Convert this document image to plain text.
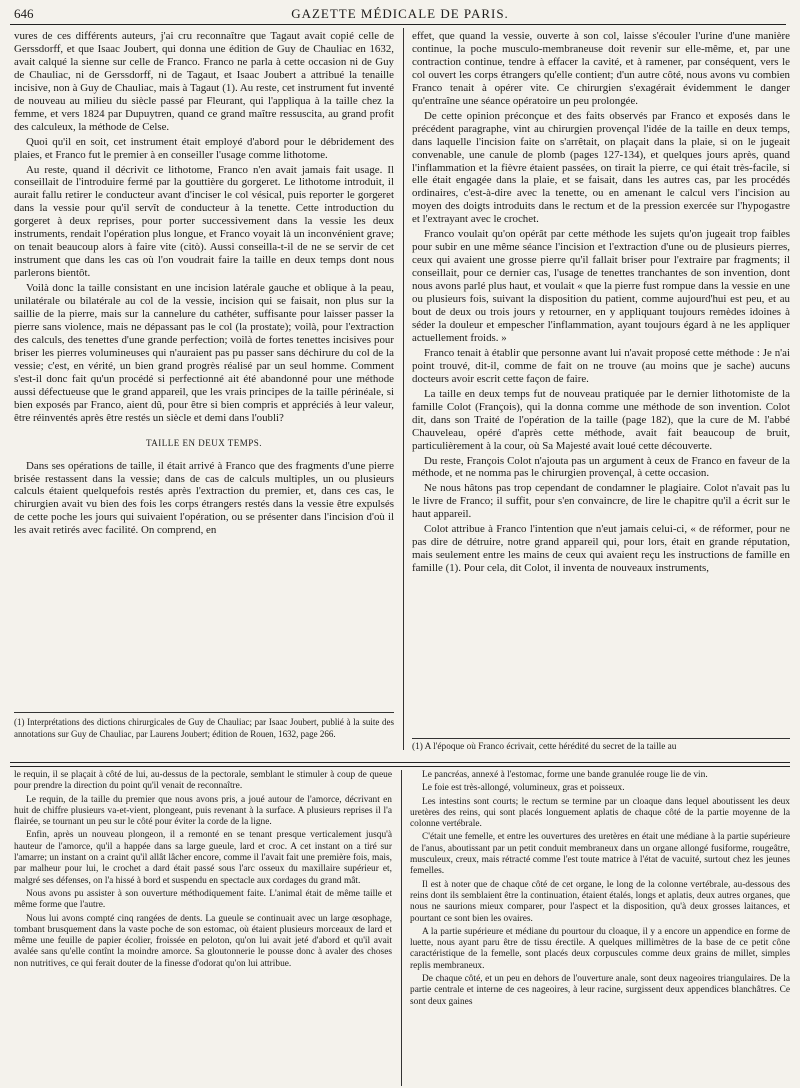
646	GAZETTE MÉDICALE DE PARIS.

vures de ces différents auteurs, j'ai cru reconnaître que Tagaut avait copié celle de Gerssdorff, et que Isaac Joubert, qui donna une édition de Guy de Chauliac en 1632, avait calqué la sienne sur celle de Franco. Franco ne parla à cette occasion ni de Guy de Chauliac, ni de Gerssdorff, ni de Tagaut, et Isaac Joubert a attribué la tenaille incisive, non à Guy de Chauliac, mais à Tagaut (1). Au reste, cet instrument fut inventé de nouveau au milieu du siècle passé par Fleurant, qui l'appliqua à la taille chez la femme, et vers 1824 par Dupuytren, quand ce grand maître ressuscita, au grand profit des calculeux, la méthode de Celse.

Quoi qu'il en soit, cet instrument était employé d'abord pour le débridement des plaies, et Franco fut le premier à en conseiller l'usage comme lithotome.

Au reste, quand il décrivit ce lithotome, Franco n'en avait jamais fait usage. Il conseillait de l'introduire fermé par la gouttière du gorgeret. Le lithotome introduit, il aurait fallu retirer le conducteur avant d'inciser le col vésical, puis reporter le gorgeret dans la vessie pour qu'il servît de conducteur à la tenette. Cette introduction du gorgeret à deux reprises, pour porter successivement dans la vessie les deux instruments, rendait l'opération plus longue, et Franco voyait là un inconvénient grave; on tenait beaucoup alors à faire vite (citò). Aussi conseilla-t-il de ne se servir de cet instrument que dans les cas où l'on voudrait faire la taille en deux temps dont nous parlerons bientôt.

Voilà donc la taille consistant en une incision latérale gauche et oblique à la peau, unilatérale ou bilatérale au col de la vessie, incision qui se faisait, non plus sur la saillie de la pierre, mais sur la cannelure du cathéter, suffisante pour laisser passer la pierre sans violence, mais ne dépassant pas le col (la prostate); voilà, pour l'extraction des calculs, des tenettes d'une grande perfection; voilà de fortes tenettes incisives pour briser les pierres volumineuses qui n'auraient pas pu passer sans déchirure du col de la vessie; c'est, en vérité, un bien grand progrès réalisé par un seul homme. Comment s'est-il donc fait qu'un procédé si perfectionné ait été abandonné pour une méthode aussi défectueuse que le grand appareil, que les vrais principes de la taille périnéale, si bien exposés par Franco, aient dû, pour être si bien compris et appréciés à leur valeur, être réinventés après être restés un siècle et demi dans l'oubli?

TAILLE EN DEUX TEMPS.

Dans ses opérations de taille, il était arrivé à Franco que des fragments d'une pierre brisée restassent dans la vessie; dans de cas de calculs multiples, un ou plusieurs calculs étaient quelquefois restés après l'extraction du premier, et, dans ces cas, le chirurgien avait vu bien des fois les corps étrangers restés dans la vessie être expulsés de cette poche les jours qui suivaient l'opération, ou se présenter dans l'incision d'où il les avait retirés avec facilité. On comprend, en

(1) Interprétations des dictions chirurgicales de Guy de Chauliac; par Isaac Joubert, publié à la suite des annotations sur Guy de Chauliac, par Laurens Joubert; édition de Rouen, 1632, page 266.

effet, que quand la vessie, ouverte à son col, laisse s'écouler l'urine d'une manière continue, la poche musculo-membraneuse doit revenir sur elle-même, et, par une contraction continue, tendre à effacer la cavité, et à ramener, par conséquent, vers le col ouvert les corps étrangers qu'elle contient; d'un autre côté, nous avons vu combien Franco tenait à opérer vite. Ce chirurgien s'exagérait évidemment le danger qu'entraîne une séance opératoire un peu prolongée.

De cette opinion préconçue et des faits observés par Franco et exposés dans le précédent paragraphe, vint au chirurgien provençal l'idée de la taille en deux temps, dans laquelle l'incision faite on s'arrêtait, on plaçait dans la plaie, si on le jugeait convenable, une canule de plomb (pages 127-134), et quelques jours après, quand l'inflammation et la fièvre étaient passées, on tirait la pierre, ce qui était très-facile, si elle était engagée dans la plaie, et se faisait, dans les autres cas, par les procédés ordinaires, c'est-à-dire avec la tenette, ou en amenant le calcul vers l'incision au moyen des doigts introduits dans le rectum et de la pression exercée sur l'hypogastre et l'extrayant avec le crochet.

Franco voulait qu'on opérât par cette méthode les sujets qu'on jugeait trop faibles pour subir en une même séance l'incision et l'extraction d'une ou de plusieurs pierres, ceux qui avaient une grosse pierre qu'il fallait briser pour l'extraire par fragments; il conseillait, pour ce dernier cas, l'usage de tenettes tranchantes de son invention, dont nous avons parlé plus haut, et voulait « que la pierre fust rompue dans la vessie en une ou plusieurs fois, suivant la disposition du patient, comme aujourd'hui est peu, et au bout de deux ou trois jours y retourner, en y appliquant toujours remèdes idoines à séder la douleur et empescher l'inflammation, ayant toujours égard à ne les appliquer actuellement froids. »

Franco tenait à établir que personne avant lui n'avait proposé cette méthode : Je n'ai point trouvé, dit-il, comme de fait on ne trouve (au moins que je sache) aucuns docteurs avoir escrit cette façon de faire.

La taille en deux temps fut de nouveau pratiquée par le dernier lithotomiste de la famille Colot (François), qui la donna comme une méthode de son invention. Colot dit, dans son Traité de l'opération de la taille (page 182), que la cure de M. l'abbé Chauveleau, opéré d'après cette méthode, avait fait beaucoup de bruit, particulièrement à la cour, où Sa Majesté avait loué cette découverte.

Du reste, François Colot n'ajouta pas un argument à ceux de Franco en faveur de la méthode, et ne nomma pas le chirurgien provençal, à cette occasion.

Ne nous hâtons pas trop cependant de condamner le plagiaire. Colot n'avait pas lu le livre de Franco; il suffit, pour s'en convaincre, de lire le chapitre qu'il a écrit sur le haut appareil.

Colot attribue à Franco l'intention que n'eut jamais celui-ci, « de réformer, pour ne pas dire de détruire, notre grand appareil qui, pour lors, était en grande réputation, mais seulement entre les mains de ceux qui avaient reçu les instructions de famille en famille (1). Pour cela, dit Colot, il inventa de nouveaux instruments,

(1) A l'époque où Franco écrivait, cette hérédité du secret de la taille au

le requin, il se plaçait à côté de lui, au-dessus de la pectorale, semblant le stimuler à coup de queue pour prendre la direction du point qu'il venait de reconnaître.

Le requin, de la taille du premier que nous avons pris, a joué autour de l'amorce, décrivant en huit de chiffre plusieurs va-et-vient, plongeant, puis revenant à la surface. A plusieurs reprises il l'a flairée, se tournant un peu sur le côté pour éviter la corde de la ligne.

Enfin, après un nouveau plongeon, il a remonté en se tenant presque verticalement jusqu'à hauteur de l'amorce, qu'il a happée dans sa large gueule, lard et croc. A cet instant on a tiré sur l'amarre; un instant on a craint qu'il allât lâcher encore, comme il l'avait fait une première fois, mais, par malheur pour lui, le crochet a dard était passé sous l'arc osseux du maxillaire supérieur et, malgré ses défenses, on l'a hissé à bord et suspendu en spectacle aux cordages du grand mât.

Nous avons pu assister à son ouverture méthodiquement faite. L'animal était de même taille et même forme que l'autre.

Nous lui avons compté cinq rangées de dents. La gueule se continuait avec un large œsophage, tombant brusquement dans la vaste poche de son estomac, où étaient plusieurs morceaux de lard et même une feuille de papier écolier, froissée en peloton, qu'on lui avait jeté d'abord et qu'il avait avalée sans qu'elle contînt la moindre amorce. Sa gloutonnerie le pousse donc à avaler des choses non nutritives, ce qui ferait douter de la finesse d'odorat qu'on lui attribue.

Le pancréas, annexé à l'estomac, forme une bande granulée rouge lie de vin.

Le foie est très-allongé, volumineux, gras et poisseux.

Les intestins sont courts; le rectum se termine par un cloaque dans lequel aboutissent les deux uretères des reins, qui sont placés longuement aplatis de chaque côté de la partie moyenne de la colonne vertébrale.

C'était une femelle, et entre les ouvertures des uretères en était une médiane à la partie supérieure de l'anus, aboutissant par un petit conduit membraneux dans un organe allongé fusiforme, rougeâtre, musculeux, creux, mais rétracté comme l'est toute matrice à l'état de vacuité, surtout chez les jeunes femelles.

Il est à noter que de chaque côté de cet organe, le long de la colonne vertébrale, au-dessous des reins dont ils semblaient être la continuation, étaient étalés, longs et aplatis, deux autres organes, que nous ne saurions mieux comparer, pour l'aspect et la disposition, qu'à deux grosses laitances, et pourtant ce sont bien les ovaires.

A la partie supérieure et médiane du pourtour du cloaque, il y a encore un appendice en forme de luette, nous ayant paru être de tissu érectile. A quelques millimètres de la base de ce petit cône caractéristique de la femelle, sont placés deux corpuscules comme deux grains de millet, simples replis membraneux.

De chaque côté, et un peu en dehors de l'ouverture anale, sont deux nageoires triangulaires. De la partie centrale et interne de ces nageoires, à leur racine, surgissent deux appendices blanchâtres. Ce sont deux gaines
